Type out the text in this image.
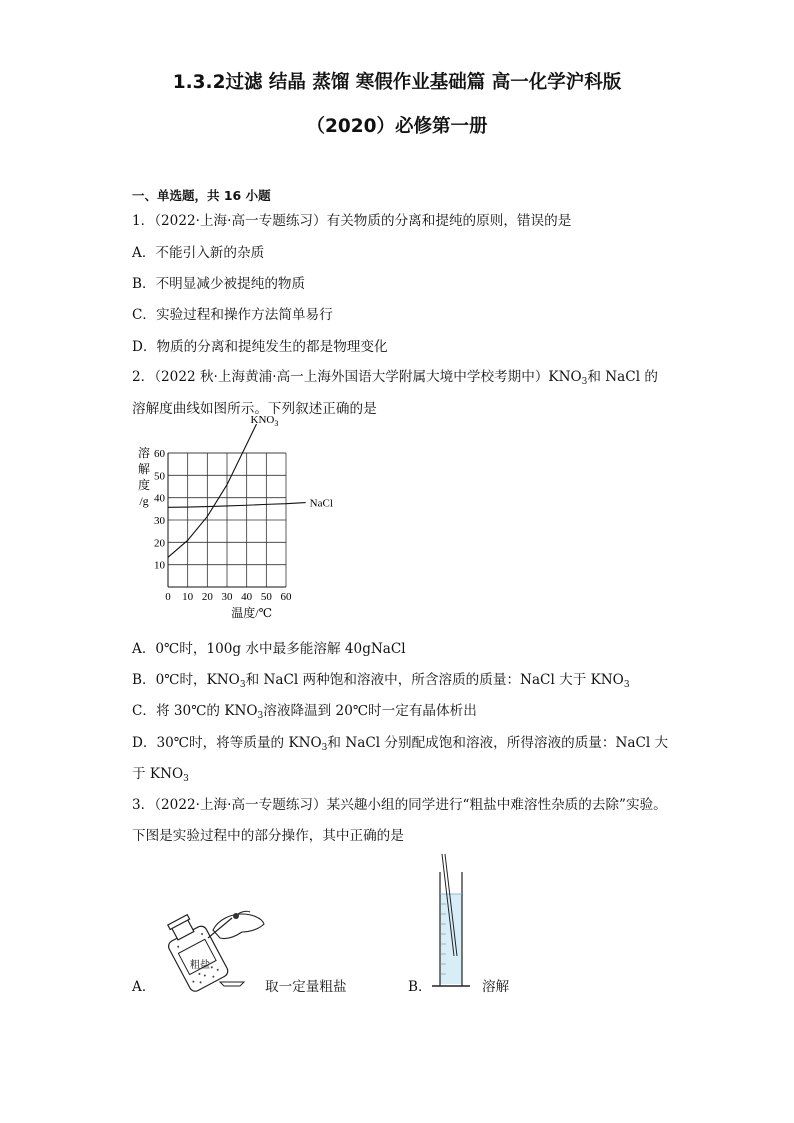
1.3.2过滤 结晶 蒸馏 寒假作业基础篇 高一化学沪科版
（2020）必修第一册
一、单选题，共 16 小题
1．（2022·上海·高一专题练习）有关物质的分离和提纯的原则，错误的是
A．不能引入新的杂质
B．不明显减少被提纯的物质
C．实验过程和操作方法简单易行
D．物质的分离和提纯发生的都是物理变化
2．（2022 秋·上海黄浦·高一上海外国语大学附属大境中学校考期中）$KNO_3$和 NaCl 的
溶解度曲线如图所示。下列叙述正确的是
0 10 20 30 40 50 60
10
20
30
40
50
60
溶
解
度
/g
温度/℃
$KNO_3$
NaCl
A．0℃时，100g 水中最多能溶解 40gNaCl
B．0℃时，$KNO_3$和 NaCl 两种饱和溶液中，所含溶质的质量：NaCl 大于 $KNO_3$
C．将 30℃的 $KNO_3$溶液降温到 20℃时一定有晶体析出
D．30℃时，将等质量的 $KNO_3$和 NaCl 分别配成饱和溶液，所得溶液的质量：NaCl 大
于 $KNO_3$
3．（2022·上海·高一专题练习）某兴趣小组的同学进行“粗盐中难溶性杂质的去除”实验。
下图是实验过程中的部分操作，其中正确的是
粗盐
A．	取一定量粗盐	B．	溶解
